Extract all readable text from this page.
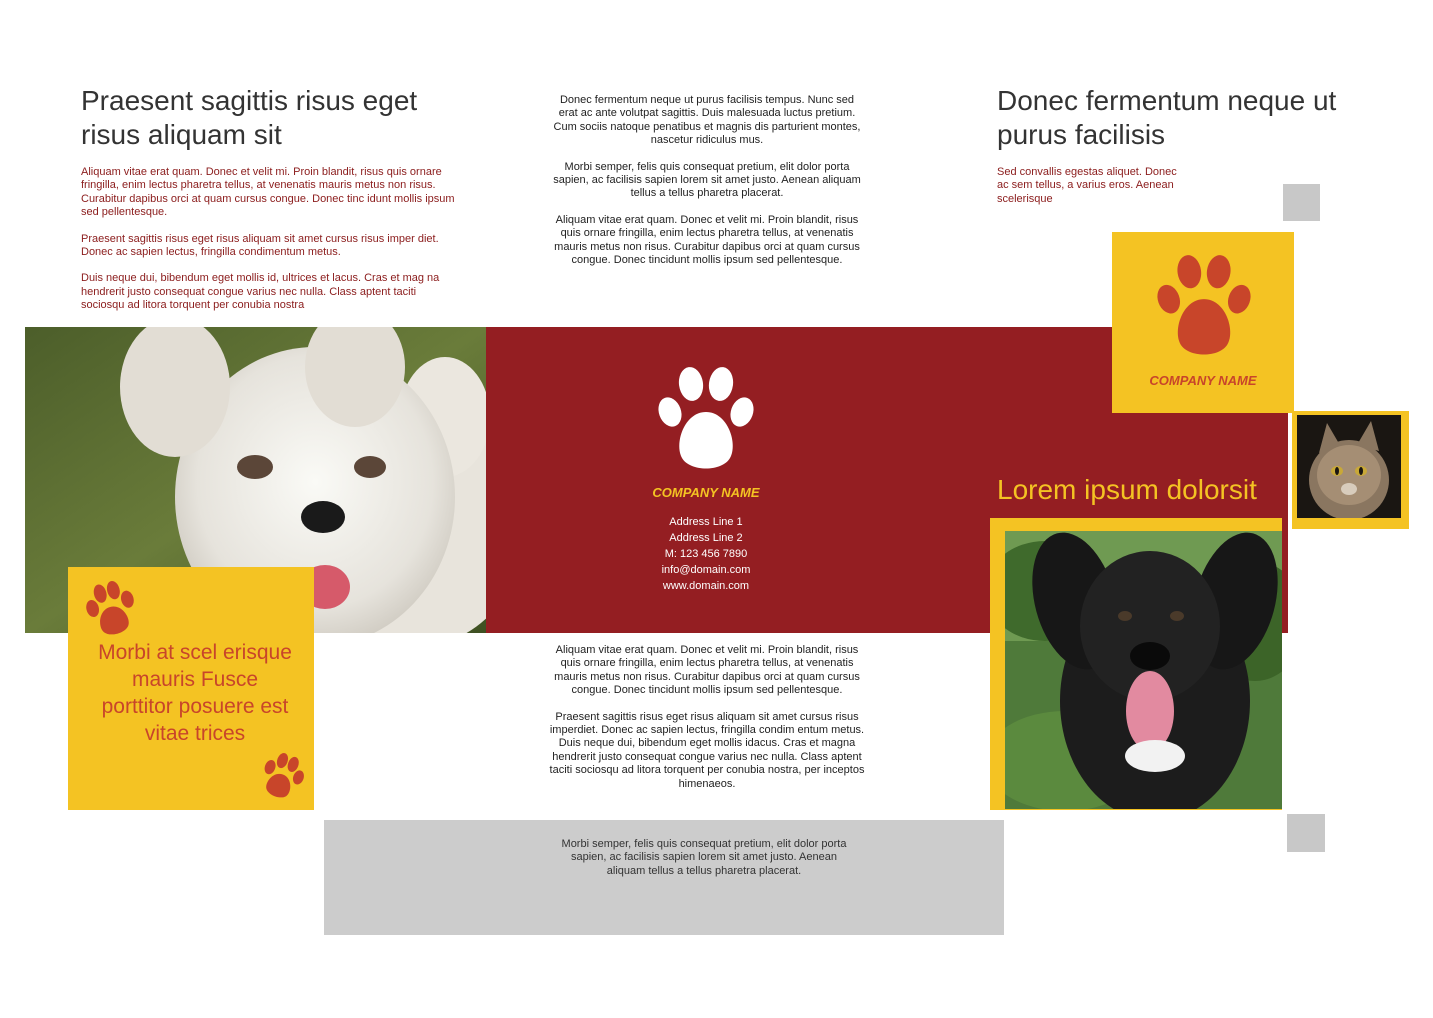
Praesent sagittis risus eget risus aliquam sit

Aliquam vitae erat quam. Donec et velit mi. Proin blandit, risus quis ornare fringilla, enim lectus pharetra tellus, at venenatis mauris metus non risus. Curabitur dapibus orci at quam cursus congue. Donec tinc idunt mollis ipsum sed pellentesque.

Praesent sagittis risus eget risus aliquam sit amet cursus risus imper diet. Donec ac sapien lectus, fringilla condimentum metus.

Duis neque dui, bibendum eget mollis id, ultrices et lacus. Cras et mag na hendrerit justo consequat congue varius nec nulla. Class aptent taciti sociosqu ad litora torquent per conubia nostra

Donec fermentum neque ut purus facilisis tempus. Nunc sed erat ac ante volutpat sagittis. Duis malesuada luctus pretium. Cum sociis natoque penatibus et magnis dis parturient montes, nascetur ridiculus mus.

Morbi semper, felis quis consequat pretium, elit dolor porta sapien, ac facilisis sapien lorem sit amet justo. Aenean aliquam tellus a tellus pharetra placerat.

Aliquam vitae erat quam. Donec et velit mi. Proin blandit, risus quis ornare fringilla, enim lectus pharetra tellus, at venenatis mauris metus non risus. Curabitur dapibus orci at quam cursus congue. Donec tincidunt mollis ipsum sed pellentesque.

Donec fermentum neque ut purus facilisis

Sed convallis egestas aliquet. Donec ac sem tellus, a varius eros. Aenean scelerisque

Morbi at scel erisque mauris Fusce porttitor posuere est vitae trices
COMPANY NAME
Address Line 1
Address Line 2
M: 123 456 7890
info@domain.com
www.domain.com

Aliquam vitae erat quam. Donec et velit mi. Proin blandit, risus quis ornare fringilla, enim lectus pharetra tellus, at venenatis mauris metus non risus. Curabitur dapibus orci at quam cursus congue. Donec tincidunt mollis ipsum sed pellentesque.

Praesent sagittis risus eget risus aliquam sit amet cursus risus imperdiet. Donec ac sapien lectus, fringilla condim entum metus. Duis neque dui, bibendum eget mollis idacus. Cras et magna hendrerit justo consequat congue varius nec nulla. Class aptent taciti sociosqu ad litora torquent per conubia nostra, per inceptos himenaeos.

Morbi semper, felis quis consequat pretium, elit dolor porta sapien, ac facilisis sapien lorem sit amet justo. Aenean aliquam tellus a tellus pharetra placerat.
COMPANY NAME
Lorem ipsum dolorsit
